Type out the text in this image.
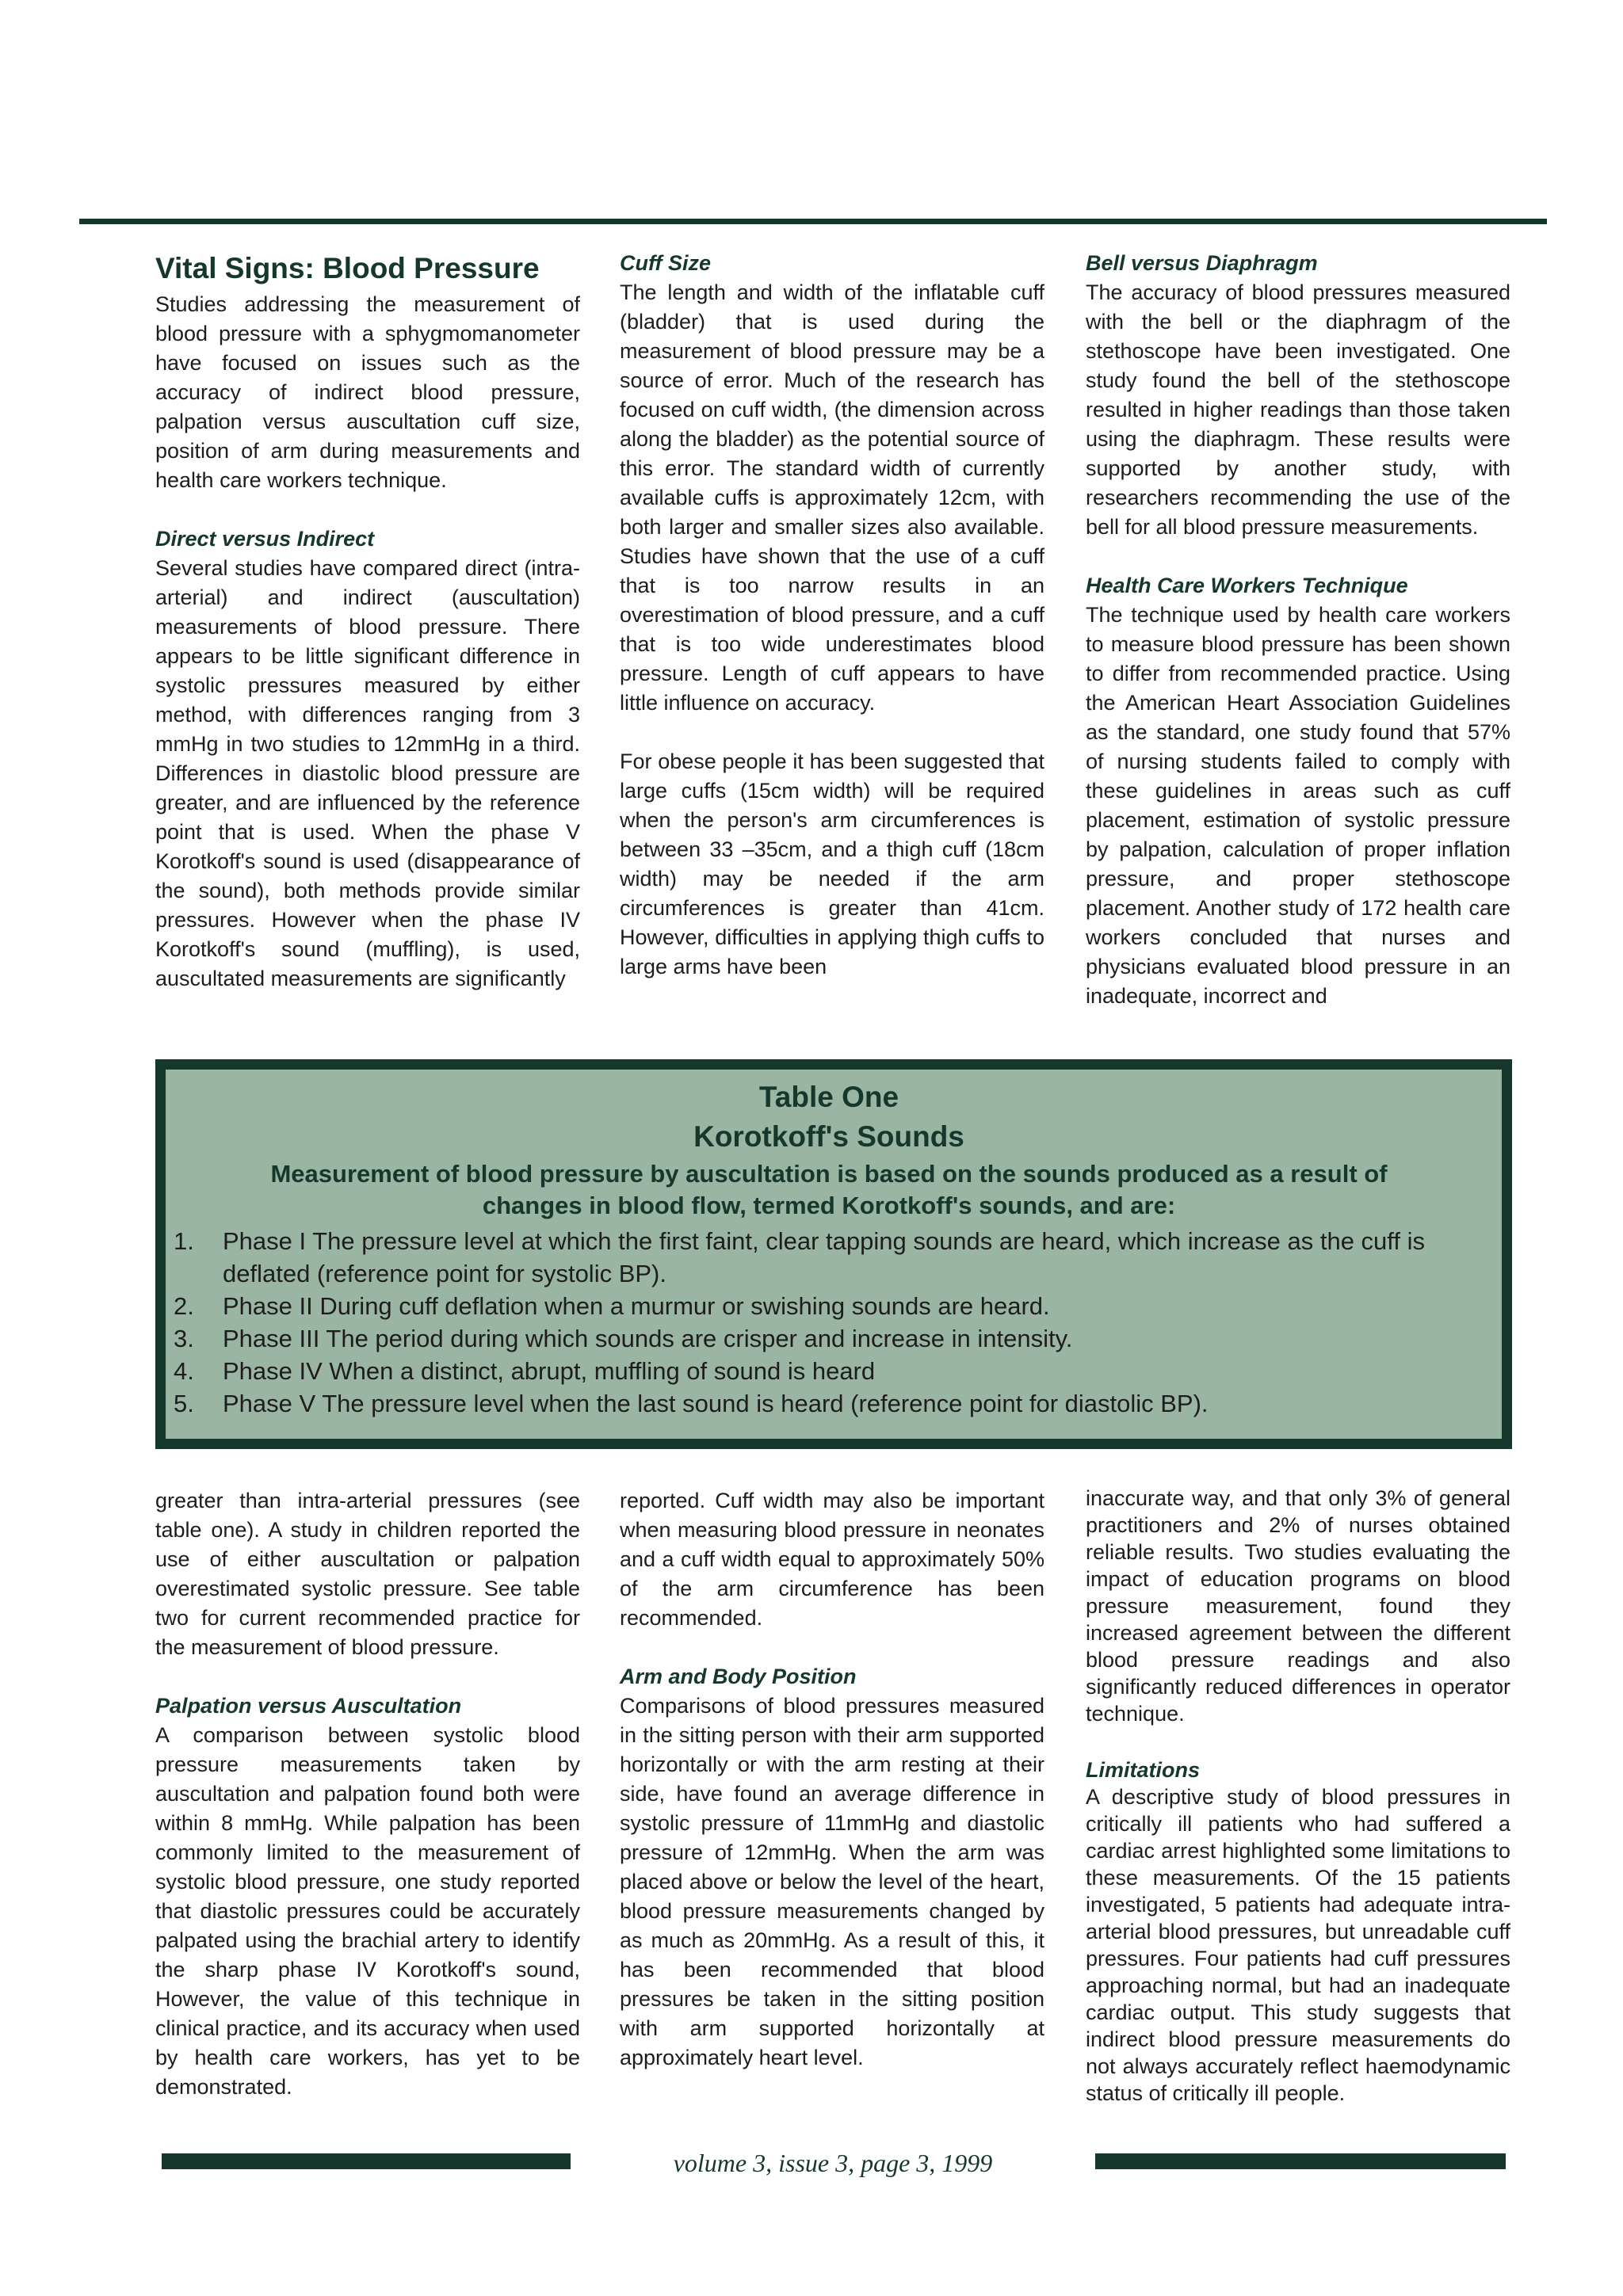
Vital Signs: Blood Pressure

Studies addressing the measurement of blood pressure with a sphygmomanometer have focused on issues such as the accuracy of indirect blood pressure, palpation versus auscultation cuff size, position of arm during measurements and health care workers technique.

Direct versus Indirect

Several studies have compared direct (intra-arterial) and indirect (auscultation) measurements of blood pressure. There appears to be little significant difference in systolic pressures measured by either method, with differences ranging from 3 mmHg in two studies to 12mmHg in a third. Differences in diastolic blood pressure are greater, and are influenced by the reference point that is used. When the phase V Korotkoff's sound is used (disappearance of the sound), both methods provide similar pressures. However when the phase IV Korotkoff's sound (muffling), is used, auscultated measurements are significantly

Cuff Size

The length and width of the inflatable cuff (bladder) that is used during the measurement of blood pressure may be a source of error. Much of the research has focused on cuff width, (the dimension across along the bladder) as the potential source of this error. The standard width of currently available cuffs is approximately 12cm, with both larger and smaller sizes also available. Studies have shown that the use of a cuff that is too narrow results in an overestimation of blood pressure, and a cuff that is too wide underestimates blood pressure. Length of cuff appears to have little influence on accuracy.

For obese people it has been suggested that large cuffs (15cm width) will be required when the person's arm circumferences is between 33 –35cm, and a thigh cuff (18cm width) may be needed if the arm circumferences is greater than 41cm. However, difficulties in applying thigh cuffs to large arms have been

Bell versus Diaphragm

The accuracy of blood pressures measured with the bell or the diaphragm of the stethoscope have been investigated. One study found the bell of the stethoscope resulted in higher readings than those taken using the diaphragm. These results were supported by another study, with researchers recommending the use of the bell for all blood pressure measurements.

Health Care Workers Technique

The technique used by health care workers to measure blood pressure has been shown to differ from recommended practice. Using the American Heart Association Guidelines as the standard, one study found that 57% of nursing students failed to comply with these guidelines in areas such as cuff placement, estimation of systolic pressure by palpation, calculation of proper inflation pressure, and proper stethoscope placement. Another study of 172 health care workers concluded that nurses and physicians evaluated blood pressure in an inadequate, incorrect and

Table One
Korotkoff's Sounds
Measurement of blood pressure by auscultation is based on the sounds produced as a result of changes in blood flow, termed Korotkoff's sounds, and are:
1.	Phase I The pressure level at which the first faint, clear tapping sounds are heard, which increase as the cuff is deflated (reference point for systolic BP).
2.	Phase II During cuff deflation when a murmur or swishing sounds are heard.
3.	Phase III The period during which sounds are crisper and increase in intensity.
4.	Phase IV When a distinct, abrupt, muffling of sound is heard
5.	Phase V The pressure level when the last sound is heard (reference point for diastolic BP).

greater than intra-arterial pressures (see table one). A study in children reported the use of either auscultation or palpation overestimated systolic pressure. See table two for current recommended practice for the measurement of blood pressure.

Palpation versus Auscultation

A comparison between systolic blood pressure measurements taken by auscultation and palpation found both were within 8 mmHg. While palpation has been commonly limited to the measurement of systolic blood pressure, one study reported that diastolic pressures could be accurately palpated using the brachial artery to identify the sharp phase IV Korotkoff's sound, However, the value of this technique in clinical practice, and its accuracy when used by health care workers, has yet to be demonstrated.

reported. Cuff width may also be important when measuring blood pressure in neonates and a cuff width equal to approximately 50% of the arm circumference has been recommended.

Arm and Body Position

Comparisons of blood pressures measured in the sitting person with their arm supported horizontally or with the arm resting at their side, have found an average difference in systolic pressure of 11mmHg and diastolic pressure of 12mmHg. When the arm was placed above or below the level of the heart, blood pressure measurements changed by as much as 20mmHg. As a result of this, it has been recommended that blood pressures be taken in the sitting position with arm supported horizontally at approximately heart level.

inaccurate way, and that only 3% of general practitioners and 2% of nurses obtained reliable results. Two studies evaluating the impact of education programs on blood pressure measurement, found they increased agreement between the different blood pressure readings and also significantly reduced differences in operator technique.

Limitations

A descriptive study of blood pressures in critically ill patients who had suffered a cardiac arrest highlighted some limitations to these measurements. Of the 15 patients investigated, 5 patients had adequate intra-arterial blood pressures, but unreadable cuff pressures. Four patients had cuff pressures approaching normal, but had an inadequate cardiac output. This study suggests that indirect blood pressure measurements do not always accurately reflect haemodynamic status of critically ill people.

volume 3, issue 3, page 3, 1999
